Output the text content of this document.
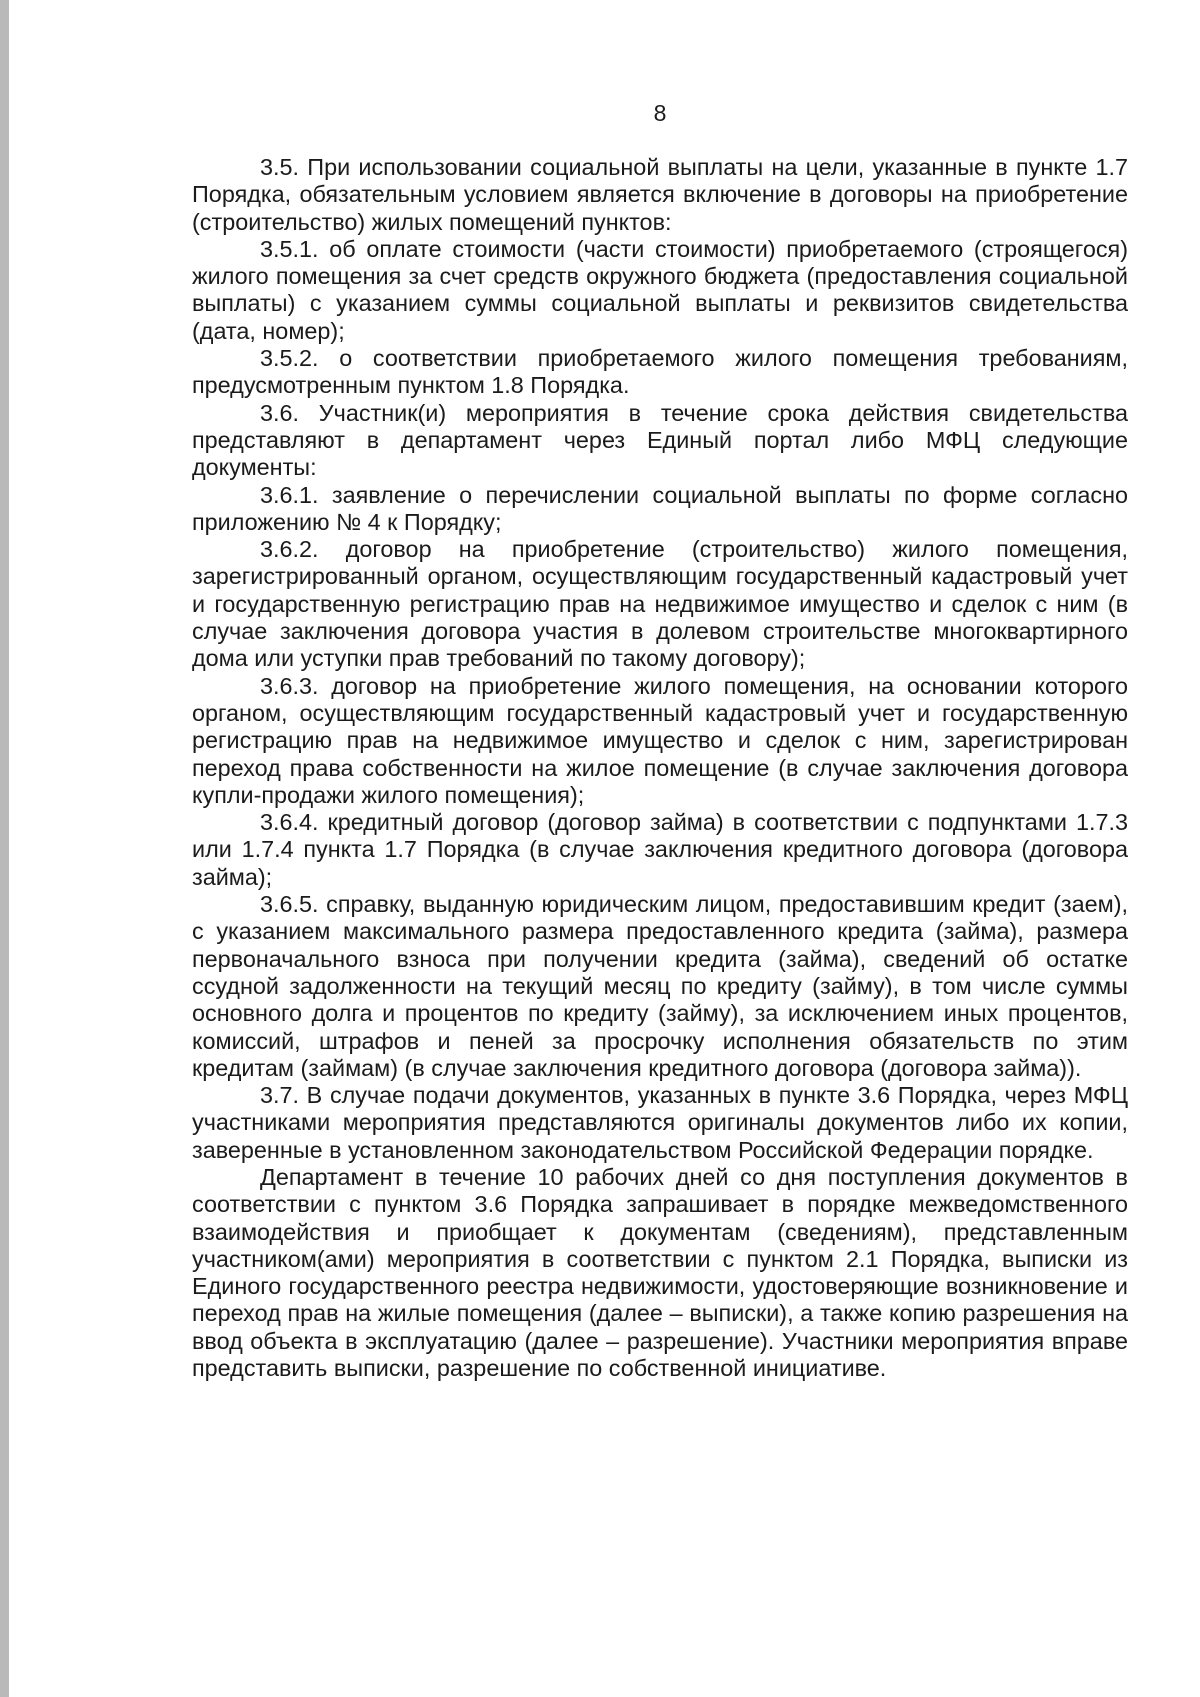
8

3.5. При использовании социальной выплаты на цели, указанные в пункте 1.7 Порядка, обязательным условием является включение в договоры на приобретение (строительство) жилых помещений пунктов:

3.5.1. об оплате стоимости (части стоимости) приобретаемого (строящегося) жилого помещения за счет средств окружного бюджета (предоставления социальной выплаты) с указанием суммы социальной выплаты и реквизитов свидетельства (дата, номер);

3.5.2. о соответствии приобретаемого жилого помещения требованиям, предусмотренным пунктом 1.8 Порядка.

3.6. Участник(и) мероприятия в течение срока действия свидетельства представляют в департамент через Единый портал либо МФЦ следующие документы:

3.6.1. заявление о перечислении социальной выплаты по форме согласно приложению № 4 к Порядку;

3.6.2. договор на приобретение (строительство) жилого помещения, зарегистрированный органом, осуществляющим государственный кадастровый учет и государственную регистрацию прав на недвижимое имущество и сделок с ним (в случае заключения договора участия в долевом строительстве многоквартирного дома или уступки прав требований по такому договору);

3.6.3. договор на приобретение жилого помещения, на основании которого органом, осуществляющим государственный кадастровый учет и государственную регистрацию прав на недвижимое имущество и сделок с ним, зарегистрирован переход права собственности на жилое помещение (в случае заключения договора купли-продажи жилого помещения);

3.6.4. кредитный договор (договор займа) в соответствии с подпунктами 1.7.3 или 1.7.4 пункта 1.7 Порядка (в случае заключения кредитного договора (договора займа);

3.6.5. справку, выданную юридическим лицом, предоставившим кредит (заем), с указанием максимального размера предоставленного кредита (займа), размера первоначального взноса при получении кредита (займа), сведений об остатке ссудной задолженности на текущий месяц по кредиту (займу), в том числе суммы основного долга и процентов по кредиту (займу), за исключением иных процентов, комиссий, штрафов и пеней за просрочку исполнения обязательств по этим кредитам (займам) (в случае заключения кредитного договора (договора займа)).

3.7. В случае подачи документов, указанных в пункте 3.6 Порядка, через МФЦ участниками мероприятия представляются оригиналы документов либо их копии, заверенные в установленном законодательством Российской Федерации порядке.

Департамент в течение 10 рабочих дней со дня поступления документов в соответствии с пунктом 3.6 Порядка запрашивает в порядке межведомственного взаимодействия и приобщает к документам (сведениям), представленным участником(ами) мероприятия в соответствии с пунктом 2.1 Порядка, выписки из Единого государственного реестра недвижимости, удостоверяющие возникновение и переход прав на жилые помещения (далее – выписки), а также копию разрешения на ввод объекта в эксплуатацию (далее – разрешение). Участники мероприятия вправе представить выписки, разрешение по собственной инициативе.
